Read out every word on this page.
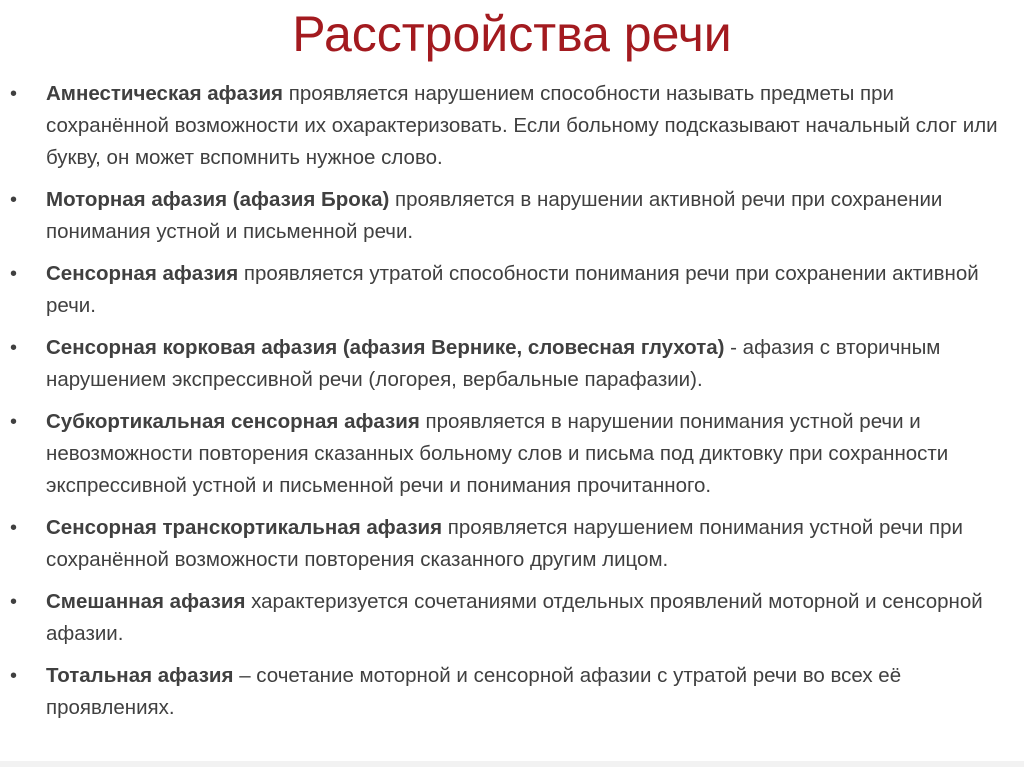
Расстройства речи
•	Амнестическая афазия проявляется нарушением способности называть предметы при сохранённой возможности их охарактеризовать. Если больному подсказывают начальный слог или букву, он может вспомнить нужное слово.
•	Моторная афазия (афазия Брока) проявляется в нарушении активной речи при сохранении понимания устной и письменной речи.
•	Сенсорная афазия проявляется утратой способности понимания речи при сохранении активной речи.
•	Сенсорная корковая афазия (афазия Вернике, словесная глухота) - афазия с вторичным нарушением экспрессивной речи (логорея, вербальные парафазии).
•	Субкортикальная сенсорная афазия проявляется в нарушении понимания устной речи и невозможности повторения сказанных больному слов и письма под диктовку при сохранности экспрессивной устной и письменной речи и понимания прочитанного.
•	Сенсорная транскортикальная афазия проявляется нарушением понимания устной речи при сохранённой возможности повторения сказанного другим лицом.
•	Смешанная афазия характеризуется сочетаниями отдельных проявлений моторной и сенсорной афазии.
•	Тотальная афазия – сочетание моторной и сенсорной афазии с утратой речи во всех её проявлениях.
